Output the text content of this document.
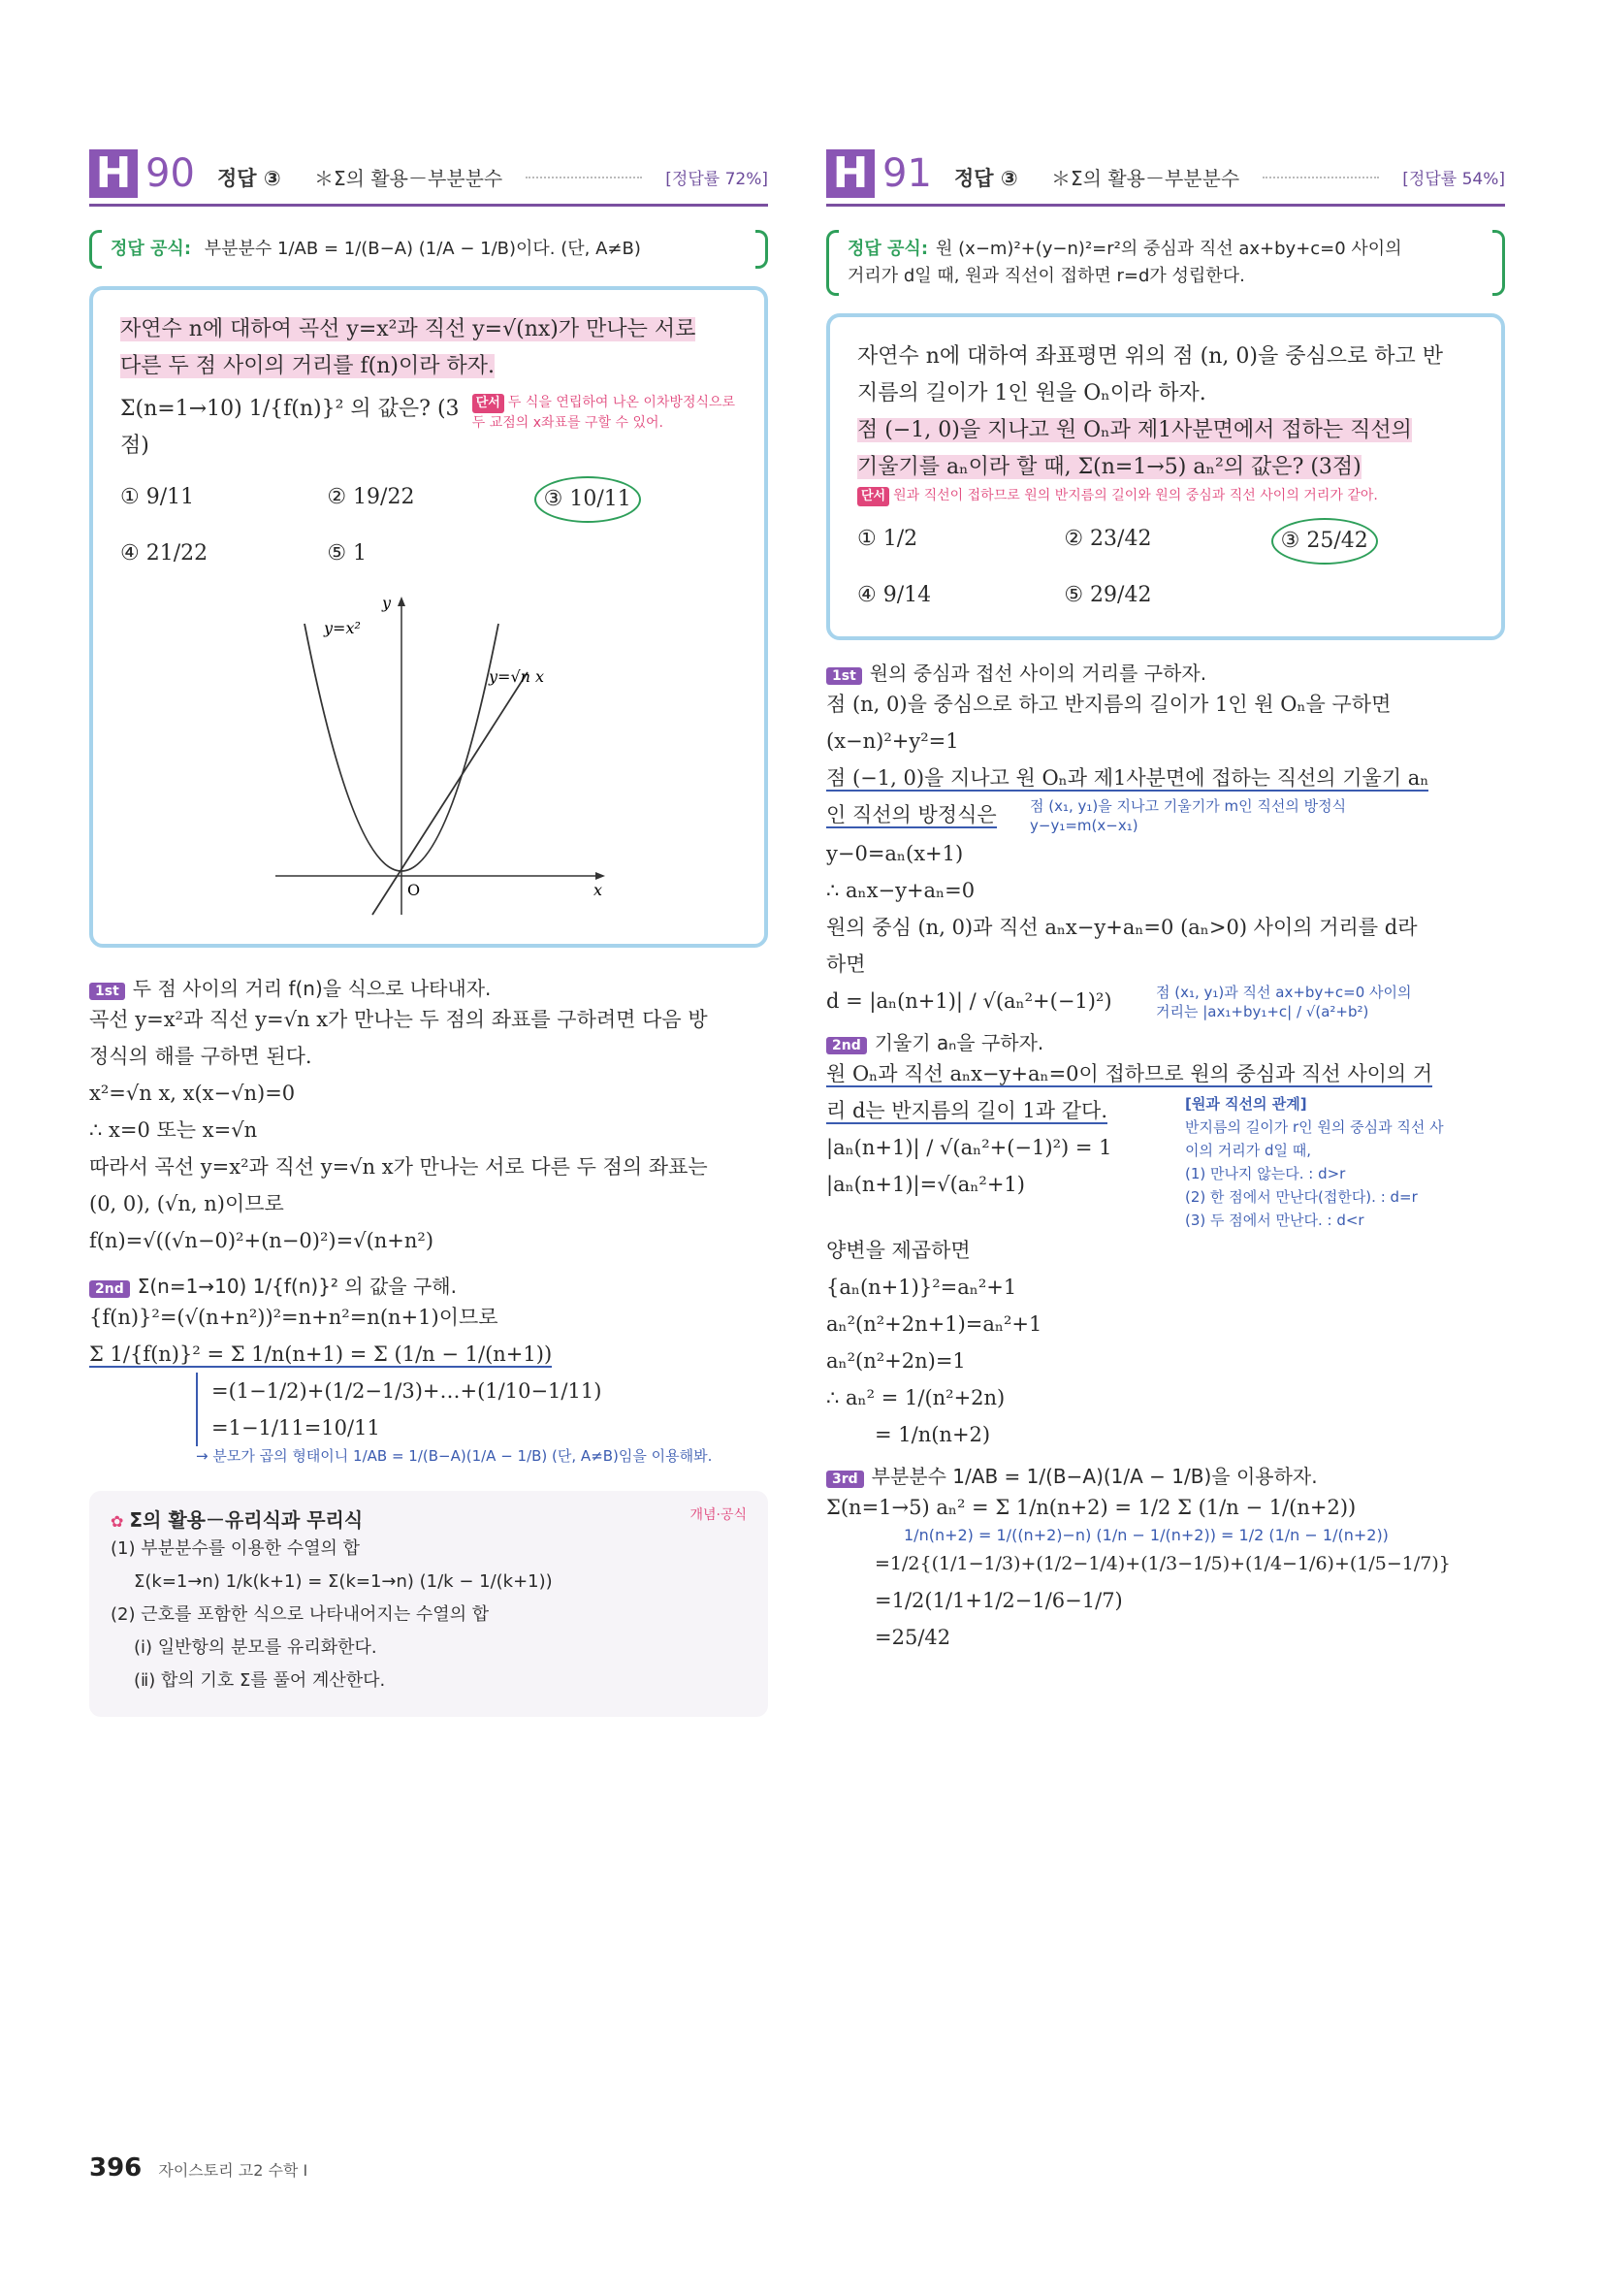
H 90 정답 ③ ＊Σ의 활용－부분분수	[정답률 72%]
정답 공식: 부분분수 1/AB = 1/(B−A) (1/A − 1/B)이다. (단, A≠B)

자연수 n에 대하여 곡선 y=x²과 직선 y=√(nx)가 만나는 서로

다른 두 점 사이의 거리를 f(n)이라 하자.

Σ(n=1→10) 1/{f(n)}² 의 값은? (3점)

단서 두 식을 연립하여 나온 이차방정식으로 두 교점의 x좌표를 구할 수 있어.
① 9/11	② 19/22	③ 10/11
④ 21/22	⑤ 1
y=x²
y=√n x
x
y
O
1st 두 점 사이의 거리 f(n)을 식으로 나타내자.

곡선 y=x²과 직선 y=√n x가 만나는 두 점의 좌표를 구하려면 다음 방

정식의 해를 구하면 된다.

x²=√n x, x(x−√n)=0

∴ x=0 또는 x=√n

따라서 곡선 y=x²과 직선 y=√n x가 만나는 서로 다른 두 점의 좌표는

(0, 0), (√n, n)이므로

f(n)=√((√n−0)²+(n−0)²)=√(n+n²)

2nd Σ(n=1→10) 1/{f(n)}² 의 값을 구해.

{f(n)}²=(√(n+n²))²=n+n²=n(n+1)이므로

Σ 1/{f(n)}² = Σ 1/n(n+1) = Σ (1/n − 1/(n+1))

=(1−1/2)+(1/2−1/3)+…+(1/10−1/11)

=1−1/11=10/11

→ 분모가 곱의 형태이니 1/AB = 1/(B−A)(1/A − 1/B) (단, A≠B)임을 이용해봐.
개념·공식
✿ Σ의 활용－유리식과 무리식
(1) 부분분수를 이용한 수열의 합
Σ(k=1→n) 1/k(k+1) = Σ(k=1→n) (1/k − 1/(k+1))
(2) 근호를 포함한 식으로 나타내어지는 수열의 합
(ⅰ) 일반항의 분모를 유리화한다.
(ⅱ) 합의 기호 Σ를 풀어 계산한다.
H 91 정답 ③ ＊Σ의 활용－부분분수	[정답률 54%]
정답 공식: 원 (x−m)²+(y−n)²=r²의 중심과 직선 ax+by+c=0 사이의
거리가 d일 때, 원과 직선이 접하면 r=d가 성립한다.

자연수 n에 대하여 좌표평면 위의 점 (n, 0)을 중심으로 하고 반

지름의 길이가 1인 원을 Oₙ이라 하자.

점 (−1, 0)을 지나고 원 Oₙ과 제1사분면에서 접하는 직선의

기울기를 aₙ이라 할 때, Σ(n=1→5) aₙ²의 값은? (3점)

단서 원과 직선이 접하므로 원의 반지름의 길이와 원의 중심과 직선 사이의 거리가 같아.
① 1/2	② 23/42	③ 25/42
④ 9/14	⑤ 29/42
1st 원의 중심과 접선 사이의 거리를 구하자.

점 (n, 0)을 중심으로 하고 반지름의 길이가 1인 원 Oₙ을 구하면

(x−n)²+y²=1

점 (−1, 0)을 지나고 원 Oₙ과 제1사분면에 접하는 직선의 기울기 aₙ

인 직선의 방정식은	점 (x₁, y₁)을 지나고 기울기가 m인 직선의 방정식 y−y₁=m(x−x₁)

y−0=aₙ(x+1)

∴ aₙx−y+aₙ=0

원의 중심 (n, 0)과 직선 aₙx−y+aₙ=0 (aₙ>0) 사이의 거리를 d라

하면

d = |aₙ(n+1)| / √(aₙ²+(−1)²)	점 (x₁, y₁)과 직선 ax+by+c=0 사이의 거리는 |ax₁+by₁+c| / √(a²+b²)
2nd 기울기 aₙ을 구하자.

원 Oₙ과 직선 aₙx−y+aₙ=0이 접하므로 원의 중심과 직선 사이의 거

리 d는 반지름의 길이 1과 같다.

|aₙ(n+1)| / √(aₙ²+(−1)²) = 1

|aₙ(n+1)|=√(aₙ²+1)

[원과 직선의 관계]
반지름의 길이가 r인 원의 중심과 직선 사
이의 거리가 d일 때,
(1) 만나지 않는다. : d>r
(2) 한 점에서 만난다(접한다). : d=r
(3) 두 점에서 만난다. : d<r

양변을 제곱하면

{aₙ(n+1)}²=aₙ²+1

aₙ²(n²+2n+1)=aₙ²+1

aₙ²(n²+2n)=1

∴ aₙ² = 1/(n²+2n)

= 1/n(n+2)

3rd 부분분수 1/AB = 1/(B−A)(1/A − 1/B)을 이용하자.

Σ(n=1→5) aₙ² = Σ 1/n(n+2) = 1/2 Σ (1/n − 1/(n+2))

1/n(n+2) = 1/((n+2)−n) (1/n − 1/(n+2)) = 1/2 (1/n − 1/(n+2))

=1/2{(1/1−1/3)+(1/2−1/4)+(1/3−1/5)+(1/4−1/6)+(1/5−1/7)}

=1/2(1/1+1/2−1/6−1/7)

=25/42

396 자이스토리 고2 수학 I
